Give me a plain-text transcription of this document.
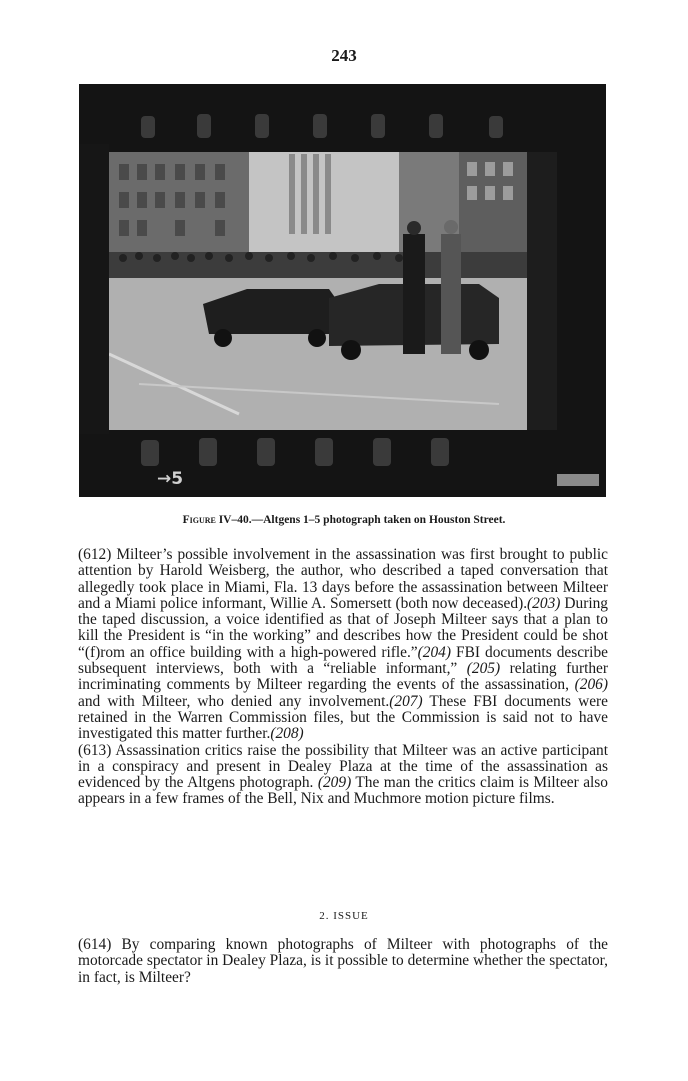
243
→5
Figure IV–40.—Altgens 1–5 photograph taken on Houston Street.

(612) Milteer’s possible involvement in the assassination was first brought to public attention by Harold Weisberg, the author, who described a taped conversation that allegedly took place in Miami, Fla. 13 days before the assassination between Milteer and a Miami police informant, Willie A. Somersett (both now deceased).(203) During the taped discussion, a voice identified as that of Joseph Milteer says that a plan to kill the President is “in the working” and describes how the President could be shot “(f)rom an office building with a high-powered rifle.”(204) FBI documents describe subsequent interviews, both with a “reliable informant,” (205) relating further incriminating comments by Milteer regarding the events of the assassination, (206) and with Milteer, who denied any involvement.(207) These FBI documents were retained in the Warren Commission files, but the Commission is said not to have investigated this matter further.(208)

(613) Assassination critics raise the possibility that Milteer was an active participant in a conspiracy and present in Dealey Plaza at the time of the assassination as evidenced by the Altgens photograph. (209) The man the critics claim is Milteer also appears in a few frames of the Bell, Nix and Muchmore motion picture films.

2. ISSUE

(614) By comparing known photographs of Milteer with photographs of the motorcade spectator in Dealey Plaza, is it possible to determine whether the spectator, in fact, is Milteer?
